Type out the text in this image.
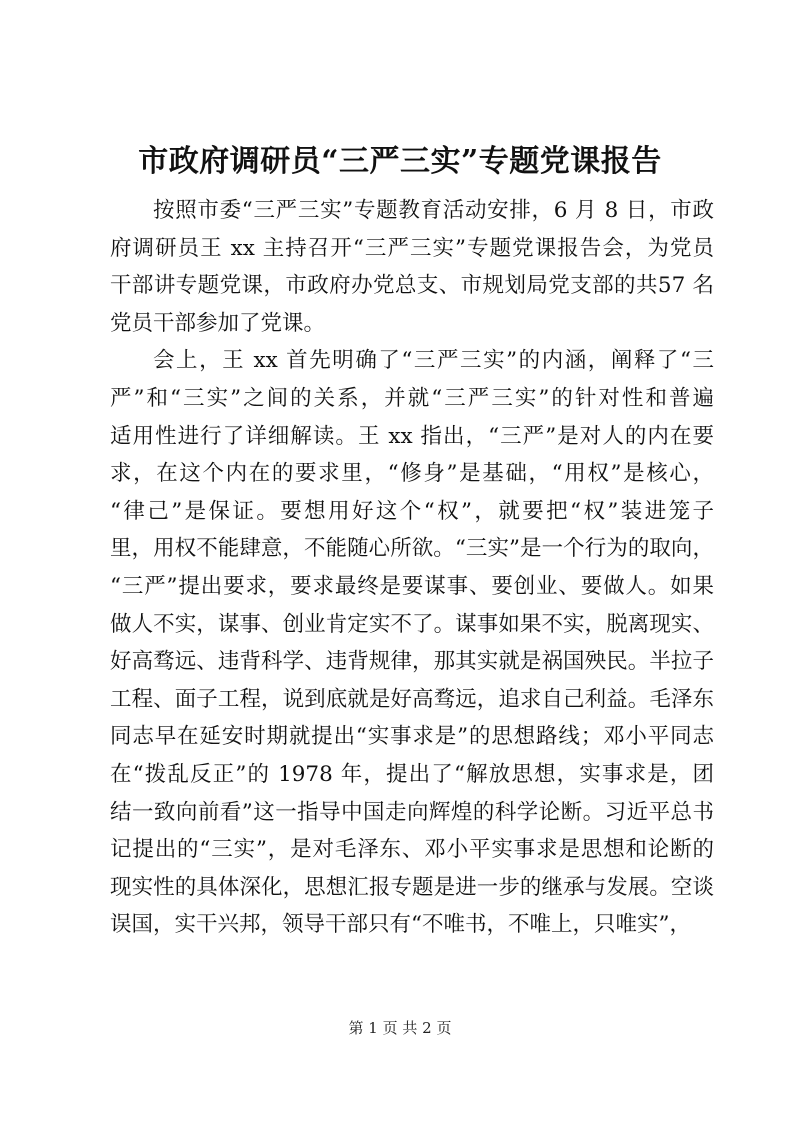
市政府调研员“三严三实”专题党课报告
按照市委“三严三实”专题教育活动安排，6 月 8 日，市政
府调研员王 xx 主持召开“三严三实”专题党课报告会，为党员
干部讲专题党课，市政府办党总支、市规划局党支部的共57 名
党员干部参加了党课。
会上，王 xx 首先明确了“三严三实”的内涵，阐释了“三
严”和“三实”之间的关系，并就“三严三实”的针对性和普遍
适用性进行了详细解读。王 xx 指出，“三严”是对人的内在要
求，在这个内在的要求里，“修身”是基础，“用权”是核心，
“律己”是保证。要想用好这个“权”，就要把“权”装进笼子
里，用权不能肆意，不能随心所欲。“三实”是一个行为的取向，
“三严”提出要求，要求最终是要谋事、要创业、要做人。如果
做人不实，谋事、创业肯定实不了。谋事如果不实，脱离现实、
好高骛远、违背科学、违背规律，那其实就是祸国殃民。半拉子
工程、面子工程，说到底就是好高骛远，追求自己利益。毛泽东
同志早在延安时期就提出“实事求是”的思想路线；邓小平同志
在“拨乱反正”的 1978 年，提出了“解放思想，实事求是，团
结一致向前看”这一指导中国走向辉煌的科学论断。习近平总书
记提出的“三实”，是对毛泽东、邓小平实事求是思想和论断的
现实性的具体深化，思想汇报专题是进一步的继承与发展。空谈
误国，实干兴邦，领导干部只有“不唯书，不唯上，只唯实”，
第 1 页 共 2 页
